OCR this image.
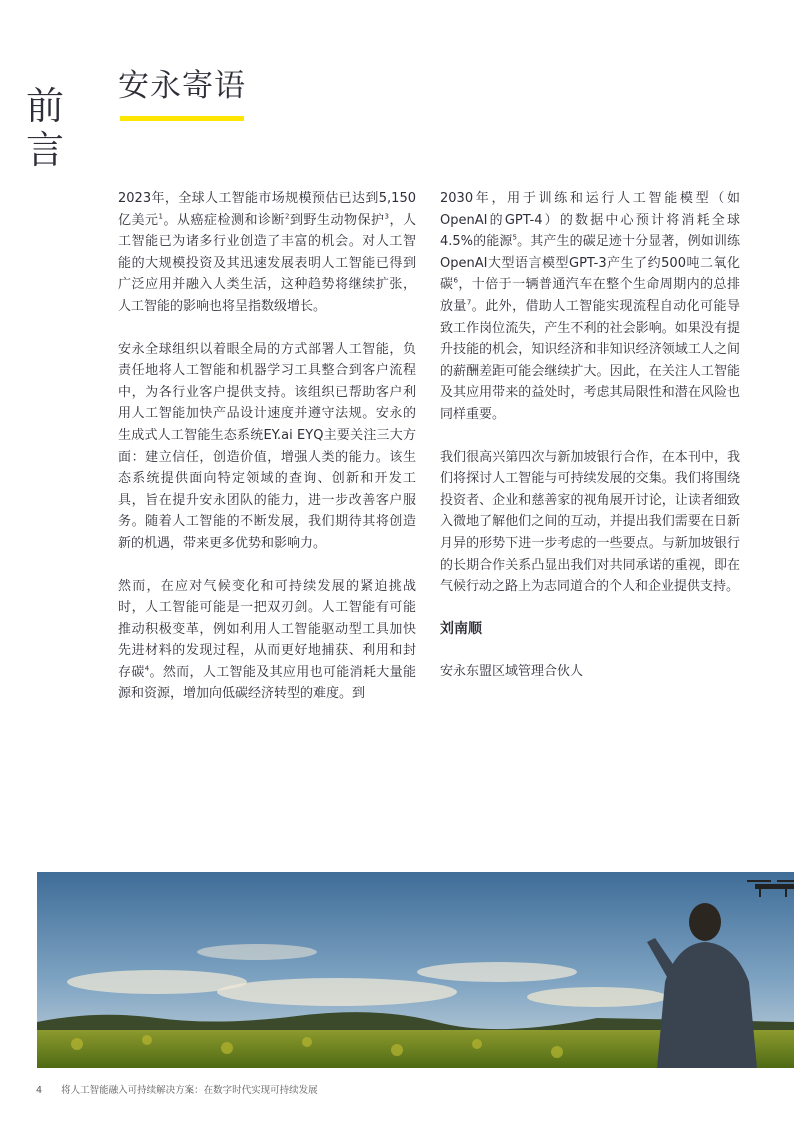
前
言
安永寄语

2023年，全球人工智能市场规模预估已达到5,150亿美元$^1$。从癌症检测和诊断$^2$到野生动物保护$^3$，人工智能已为诸多行业创造了丰富的机会。对人工智能的大规模投资及其迅速发展表明人工智能已得到广泛应用并融入人类生活，这种趋势将继续扩张，人工智能的影响也将呈指数级增长。

安永全球组织以着眼全局的方式部署人工智能，负责任地将人工智能和机器学习工具整合到客户流程中，为各行业客户提供支持。该组织已帮助客户利用人工智能加快产品设计速度并遵守法规。安永的生成式人工智能生态系统EY.ai EYQ主要关注三大方面：建立信任，创造价值，增强人类的能力。该生态系统提供面向特定领域的查询、创新和开发工具，旨在提升安永团队的能力，进一步改善客户服务。随着人工智能的不断发展，我们期待其将创造新的机遇，带来更多优势和影响力。

然而，在应对气候变化和可持续发展的紧迫挑战时，人工智能可能是一把双刃剑。人工智能有可能推动积极变革，例如利用人工智能驱动型工具加快先进材料的发现过程，从而更好地捕获、利用和封存碳$^4$。然而，人工智能及其应用也可能消耗大量能源和资源，增加向低碳经济转型的难度。到

2030年，用于训练和运行人工智能模型（如OpenAI的GPT-4）的数据中心预计将消耗全球4.5%的能源$^5$。其产生的碳足迹十分显著，例如训练OpenAI大型语言模型GPT-3产生了约500吨二氧化碳$^6$，十倍于一辆普通汽车在整个生命周期内的总排放量$^7$。此外，借助人工智能实现流程自动化可能导致工作岗位流失，产生不利的社会影响。如果没有提升技能的机会，知识经济和非知识经济领域工人之间的薪酬差距可能会继续扩大。因此，在关注人工智能及其应用带来的益处时，考虑其局限性和潜在风险也同样重要。

我们很高兴第四次与新加坡银行合作，在本刊中，我们将探讨人工智能与可持续发展的交集。我们将围绕投资者、企业和慈善家的视角展开讨论，让读者细致入微地了解他们之间的互动，并提出我们需要在日新月异的形势下进一步考虑的一些要点。与新加坡银行的长期合作关系凸显出我们对共同承诺的重视，即在气候行动之路上为志同道合的个人和企业提供支持。

刘南顺

安永东盟区域管理合伙人

4 将人工智能融入可持续解决方案：在数字时代实现可持续发展
